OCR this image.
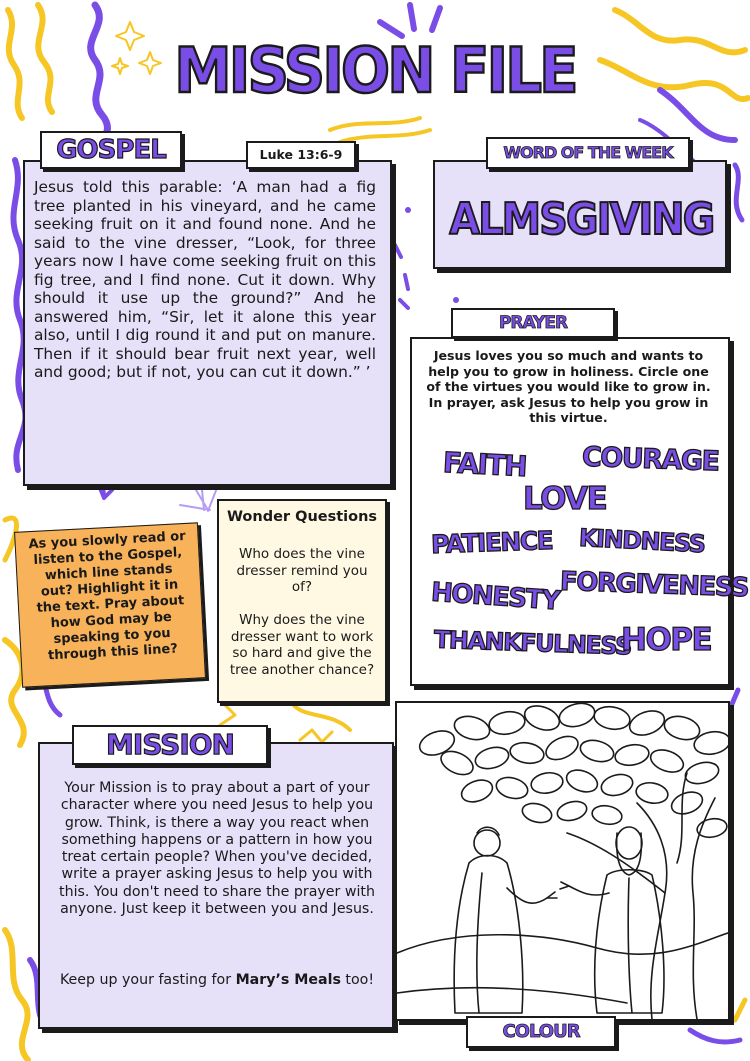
MISSION FILE
GOSPEL	Luke 13:6-9
Jesus told this parable: ‘A man had a fig tree planted in his vineyard, and he came seeking fruit on it and found none. And he said to the vine dresser, “Look, for three years now I have come seeking fruit on this fig tree, and I find none. Cut it down. Why should it use up the ground?” And he answered him, “Sir, let it alone this year also, until I dig round it and put on manure. Then if it should bear fruit next year, well and good; but if not, you can cut it down.” ’
As you slowly read or listen to the Gospel, which line stands out? Highlight it in the text. Pray about how God may be speaking to you through this line?
Wonder Questions
Who does the vine dresser remind you of?
Why does the vine dresser want to work so hard and give the tree another chance?
WORD OF THE WEEK
ALMSGIVING
PRAYER
Jesus loves you so much and wants to help you to grow in holiness. Circle one of the virtues you would like to grow in. In prayer, ask Jesus to help you grow in this virtue.
FAITH COURAGE
LOVE
PATIENCE KINDNESS
HONESTY FORGIVENESS
THANKFULNESS
HOPE
MISSION
Your Mission is to pray about a part of your character where you need Jesus to help you grow. Think, is there a way you react when something happens or a pattern in how you treat certain people? When you've decided, write a prayer asking Jesus to help you with this. You don't need to share the prayer with anyone. Just keep it between you and Jesus.
Keep up your fasting for Mary’s Meals too!
COLOUR
